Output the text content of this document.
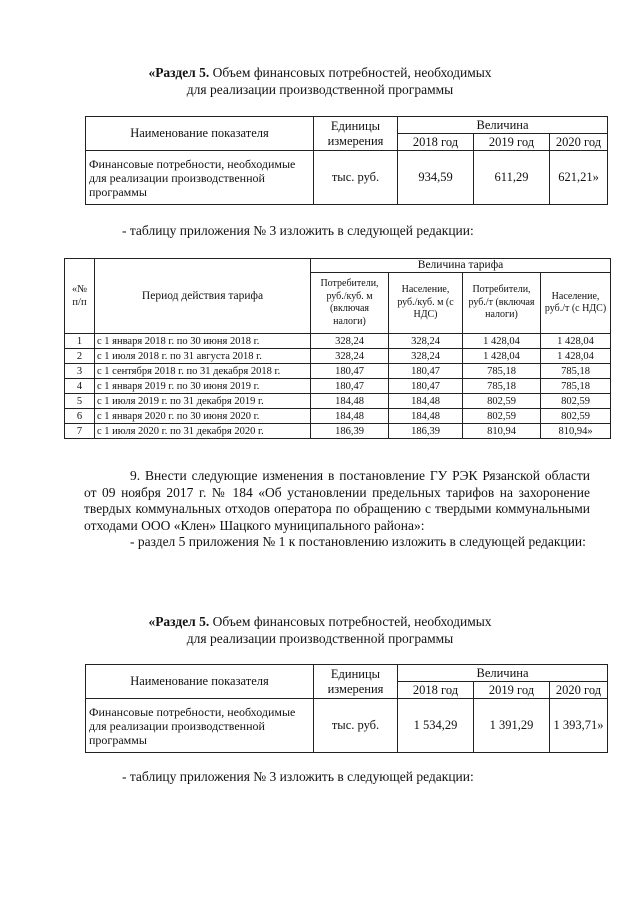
«Раздел 5. Объем финансовых потребностей, необходимых
для реализации производственной программы
Наименование показателя	Единицы измерения	Величина		
		2018 год	2019 год	2020 год
Финансовые потребности, необходимые для реализации производственной программы	тыс. руб.	934,59	611,29	621,21»
- таблицу приложения № 3 изложить в следующей редакции:
«№ п/п	Период действия тарифа	Величина тарифа			
		Потребители, руб./куб. м (включая налоги)	Население, руб./куб. м (с НДС)	Потребители, руб./т (включая налоги)	Население, руб./т (с НДС)
1	с 1 января 2018 г. по 30 июня 2018 г.	328,24	328,24	1 428,04	1 428,04
2	с 1 июля 2018 г. по 31 августа 2018 г.	328,24	328,24	1 428,04	1 428,04
3	с 1 сентября 2018 г. по 31 декабря 2018 г.	180,47	180,47	785,18	785,18
4	с 1 января 2019 г. по 30 июня 2019 г.	180,47	180,47	785,18	785,18
5	с 1 июля 2019 г. по 31 декабря 2019 г.	184,48	184,48	802,59	802,59
6	с 1 января 2020 г. по 30 июня 2020 г.	184,48	184,48	802,59	802,59
7	с 1 июля 2020 г. по 31 декабря 2020 г.	186,39	186,39	810,94	810,94»

9. Внести следующие изменения в постановление ГУ РЭК Рязанской области от 09 ноября 2017 г. № 184 «Об установлении предельных тарифов на захоронение твердых коммунальных отходов оператора по обращению с твердыми коммунальными отходами ООО «Клен» Шацкого муниципального района»:

- раздел 5 приложения № 1 к постановлению изложить в следующей редакции:

«Раздел 5. Объем финансовых потребностей, необходимых
для реализации производственной программы
Наименование показателя	Единицы измерения	Величина		
		2018 год	2019 год	2020 год
Финансовые потребности, необходимые для реализации производственной программы	тыс. руб.	1 534,29	1 391,29	1 393,71»
- таблицу приложения № 3 изложить в следующей редакции:
